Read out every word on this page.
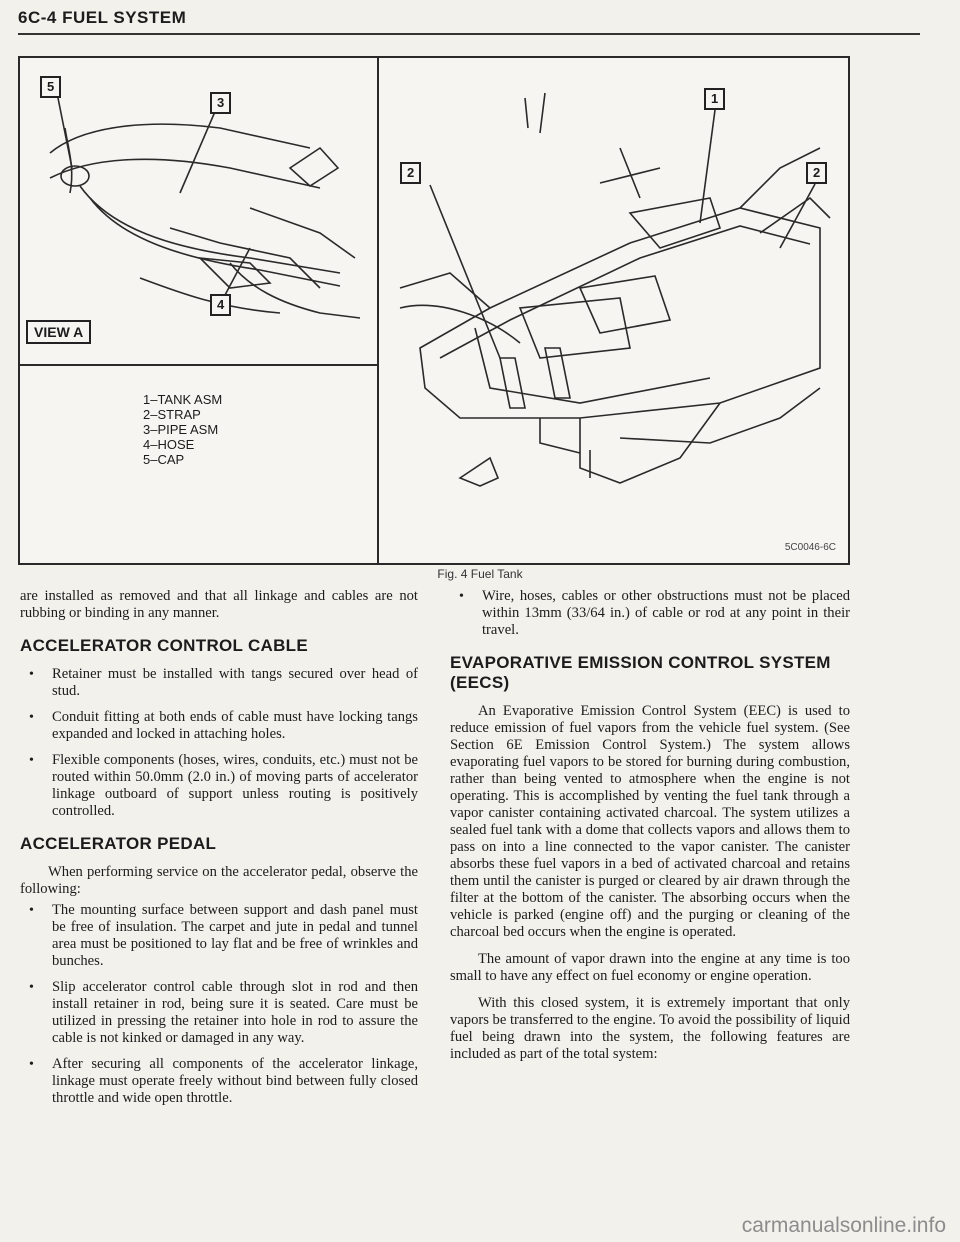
6C-4 FUEL SYSTEM
5
3
4
1
2	2
VIEW A
1–TANK ASM
2–STRAP
3–PIPE ASM
4–HOSE
5–CAP
5C0046-6C
Fig. 4 Fuel Tank

are installed as removed and that all linkage and cables are not rubbing or binding in any manner.

ACCELERATOR CONTROL CABLE
• Retainer must be installed with tangs secured over head of stud.
• Conduit fitting at both ends of cable must have locking tangs expanded and locked in attaching holes.
• Flexible components (hoses, wires, conduits, etc.) must not be routed within 50.0mm (2.0 in.) of moving parts of accelerator linkage outboard of support unless routing is positively controlled.
ACCELERATOR PEDAL

When performing service on the accelerator pedal, observe the following:

• The mounting surface between support and dash panel must be free of insulation. The carpet and jute in pedal and tunnel area must be positioned to lay flat and be free of wrinkles and bunches.
• Slip accelerator control cable through slot in rod and then install retainer in rod, being sure it is seated. Care must be utilized in pressing the retainer into hole in rod to assure the cable is not kinked or damaged in any way.
• After securing all components of the accelerator linkage, linkage must operate freely without bind between fully closed throttle and wide open throttle.
• Wire, hoses, cables or other obstructions must not be placed within 13mm (33/64 in.) of cable or rod at any point in their travel.
EVAPORATIVE EMISSION CONTROL SYSTEM (EECS)

An Evaporative Emission Control System (EEC) is used to reduce emission of fuel vapors from the vehicle fuel system. (See Section 6E Emission Control System.) The system allows evaporating fuel vapors to be stored for burning during combustion, rather than being vented to atmosphere when the engine is not operating. This is accomplished by venting the fuel tank through a vapor canister containing activated charcoal. The system utilizes a sealed fuel tank with a dome that collects vapors and allows them to pass on into a line connected to the vapor canister. The canister absorbs these fuel vapors in a bed of activated charcoal and retains them until the canister is purged or cleared by air drawn through the filter at the bottom of the canister. The absorbing occurs when the vehicle is parked (engine off) and the purging or cleaning of the charcoal bed occurs when the engine is operated.

The amount of vapor drawn into the engine at any time is too small to have any effect on fuel economy or engine operation.

With this closed system, it is extremely important that only vapors be transferred to the engine. To avoid the possibility of liquid fuel being drawn into the system, the following features are included as part of the total system:

carmanualsonline.info
